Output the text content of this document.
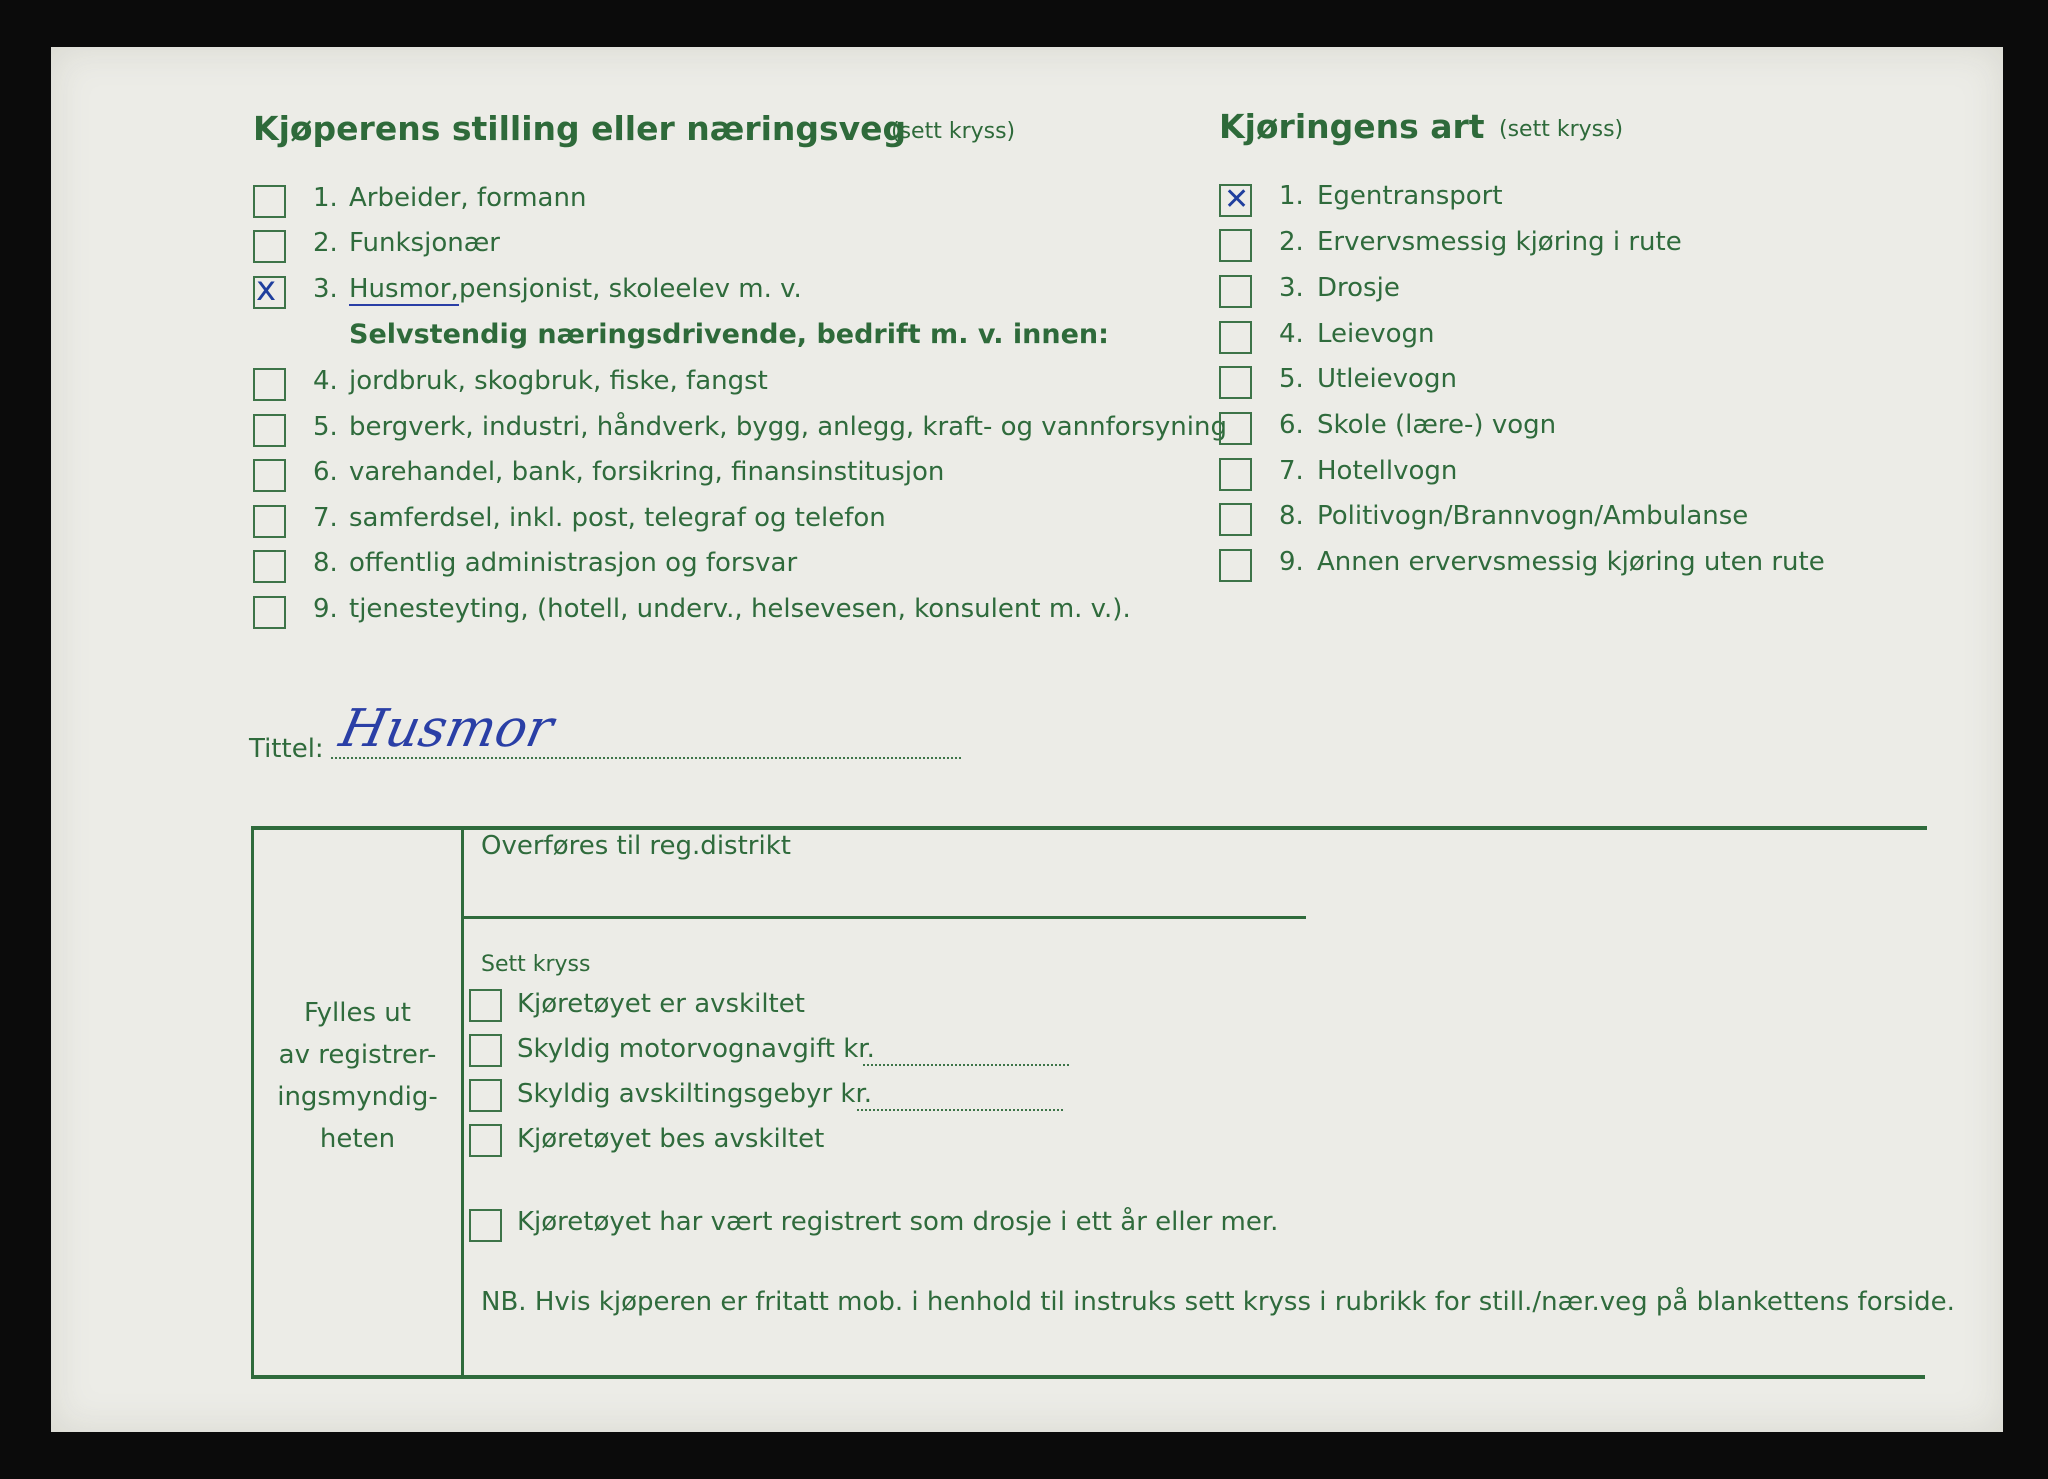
Kjøperens stilling eller næringsveg
(sett kryss)
1. Arbeider, formann
2. Funksjonær
x 3. Husmor, pensjonist, skoleelev m. v.
Selvstendig næringsdrivende, bedrift m. v. innen:
4. jordbruk, skogbruk, fiske, fangst
5. bergverk, industri, håndverk, bygg, anlegg, kraft- og vannforsyning
6. varehandel, bank, forsikring, finansinstitusjon
7. samferdsel, inkl. post, telegraf og telefon
8. offentlig administrasjon og forsvar
9. tjenesteyting, (hotell, underv., helsevesen, konsulent m. v.).
Kjøringens art (sett kryss)
✕ 1. Egentransport
2. Ervervsmessig kjøring i rute
3. Drosje
4. Leievogn
5. Utleievogn
6. Skole (lære-) vogn
7. Hotellvogn
8. Politivogn/Brannvogn/Ambulanse
9. Annen ervervsmessig kjøring uten rute
Tittel: Husmor
Fylles ut
av registrer-
ingsmyndig-
heten
Overføres til reg.distrikt
Sett kryss
Kjøretøyet er avskiltet
Skyldig motorvognavgift kr.
Skyldig avskiltingsgebyr kr.
Kjøretøyet bes avskiltet
Kjøretøyet har vært registrert som drosje i ett år eller mer.
NB. Hvis kjøperen er fritatt mob. i henhold til instruks sett kryss i rubrikk for still./nær.veg på blankettens forside.
